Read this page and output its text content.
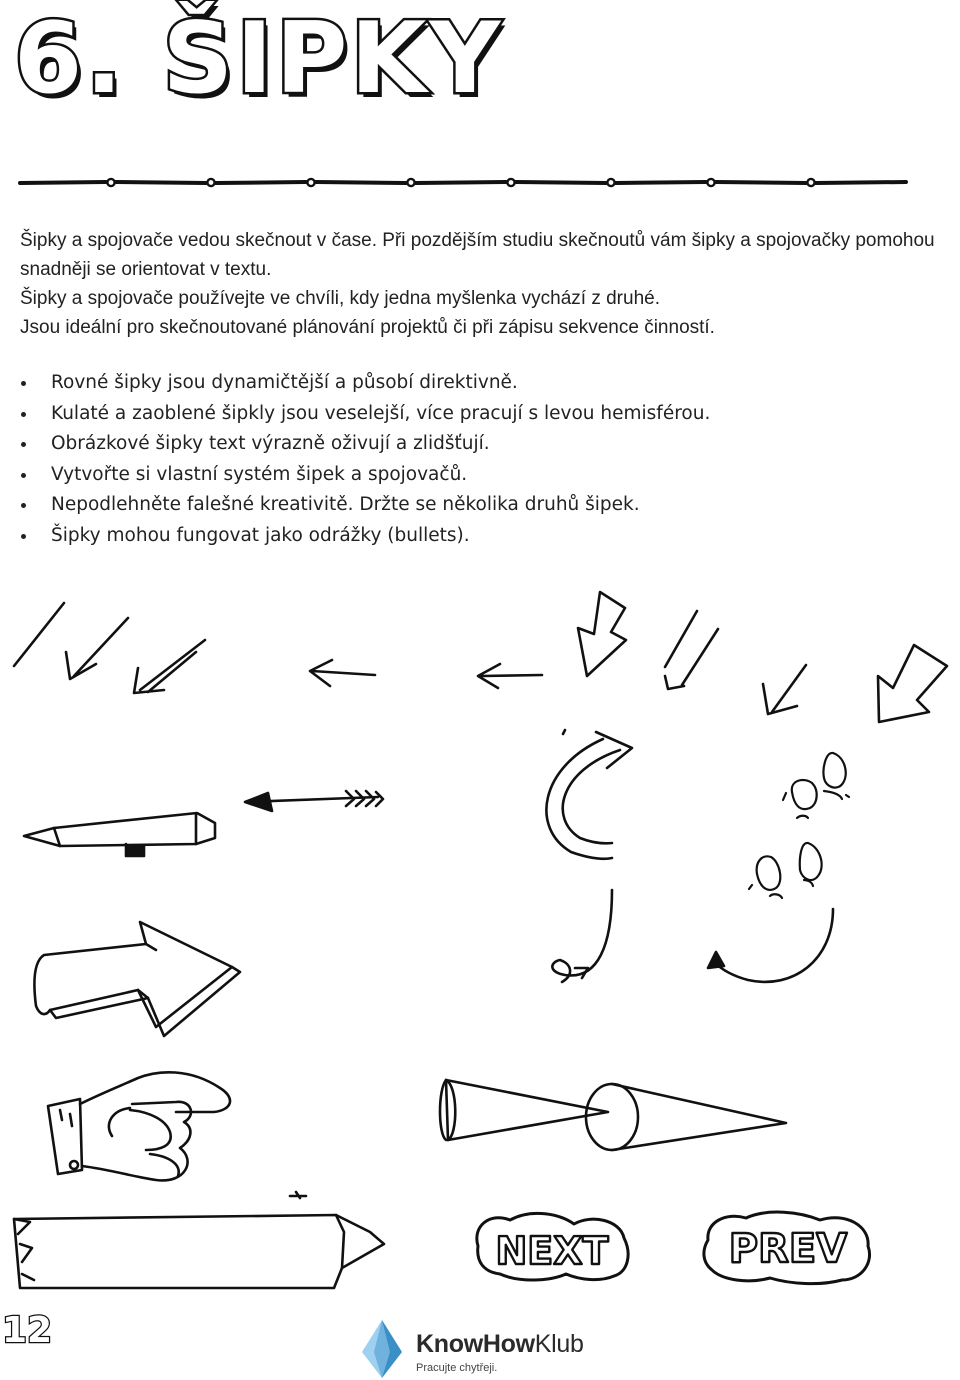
6. ŠIPKY

Šipky a spojovače vedou skečnout v čase. Při pozdějším studiu skečnoutů vám šipky a spojovačky pomohou snadněji se orientovat v textu.

Šipky a spojovače používejte ve chvíli, kdy jedna myšlenka vychází z druhé.

Jsou ideální pro skečnoutované plánování projektů či při zápisu sekvence činností.

Rovné šipky jsou dynamičtější a působí direktivně.
Kulaté a zaoblené šipkly jsou veselejší, více pracují s levou hemisférou.
Obrázkové šipky text výrazně oživují a zlidšťují.
Vytvořte si vlastní systém šipek a spojovačů.
Nepodlehněte falešné kreativitě. Držte se několika druhů šipek.
Šipky mohou fungovat jako odrážky (bullets).
NEXT	PREV
12	KnowHowKlub
Pracujte chytřeji.
